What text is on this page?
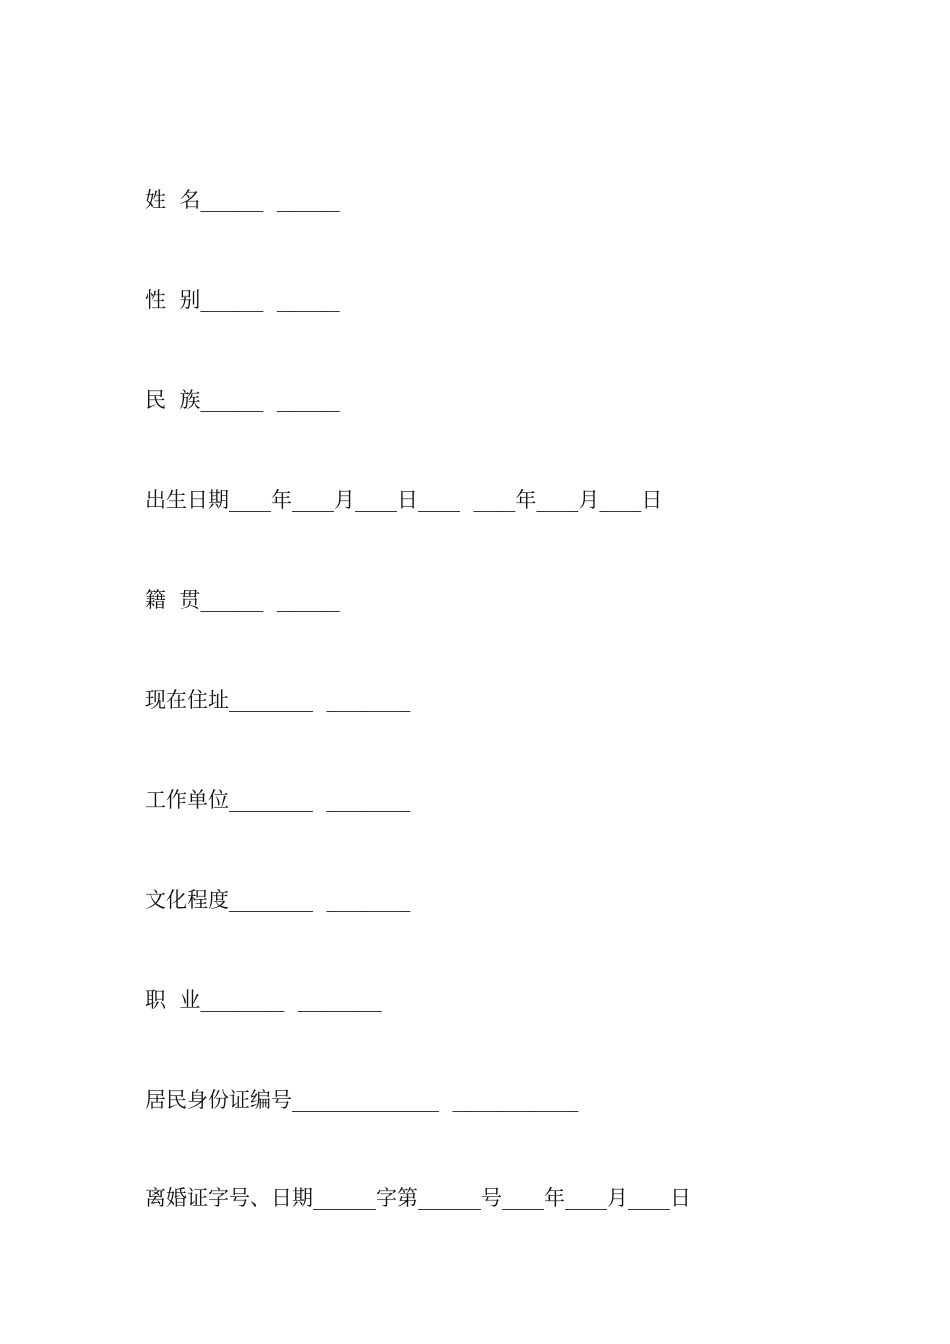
姓  名______  ______
性  别______  ______
民  族______  ______
出生日期____年____月____日____  ____年____月____日
籍  贯______  ______
现在住址________  ________
工作单位________  ________
文化程度________  ________
职  业________  ________
居民身份证编号______________  ____________
离婚证字号、日期______字第______号____年____月____日
